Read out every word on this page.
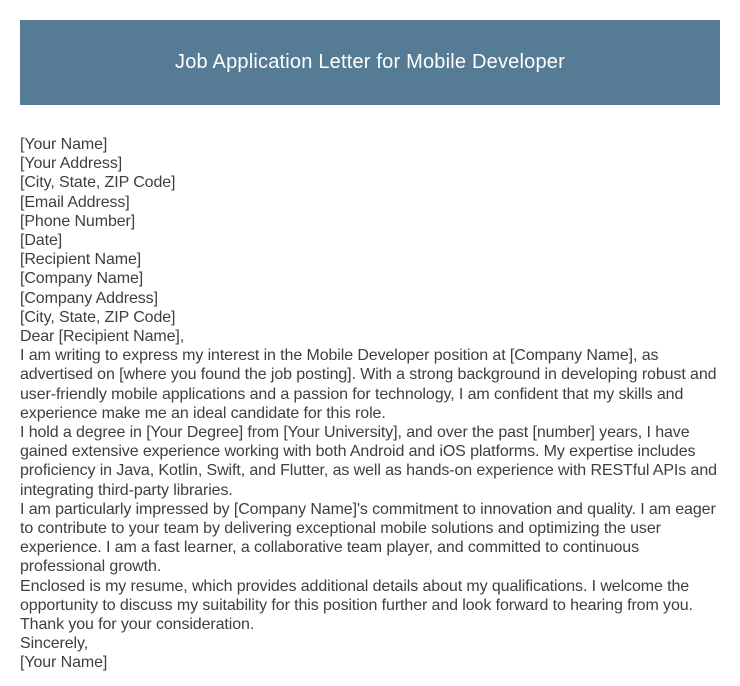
Job Application Letter for Mobile Developer
[Your Name]
[Your Address]
[City, State, ZIP Code]
[Email Address]
[Phone Number]
[Date]
[Recipient Name]
[Company Name]
[Company Address]
[City, State, ZIP Code]
Dear [Recipient Name],

I am writing to express my interest in the Mobile Developer position at [Company Name], as advertised on [where you found the job posting]. With a strong background in developing robust and user-friendly mobile applications and a passion for technology, I am confident that my skills and experience make me an ideal candidate for this role.

I hold a degree in [Your Degree] from [Your University], and over the past [number] years, I have gained extensive experience working with both Android and iOS platforms. My expertise includes proficiency in Java, Kotlin, Swift, and Flutter, as well as hands-on experience with RESTful APIs and integrating third-party libraries.

I am particularly impressed by [Company Name]'s commitment to innovation and quality. I am eager to contribute to your team by delivering exceptional mobile solutions and optimizing the user experience. I am a fast learner, a collaborative team player, and committed to continuous professional growth.

Enclosed is my resume, which provides additional details about my qualifications. I welcome the opportunity to discuss my suitability for this position further and look forward to hearing from you.

Thank you for your consideration.

Sincerely,
[Your Name]
